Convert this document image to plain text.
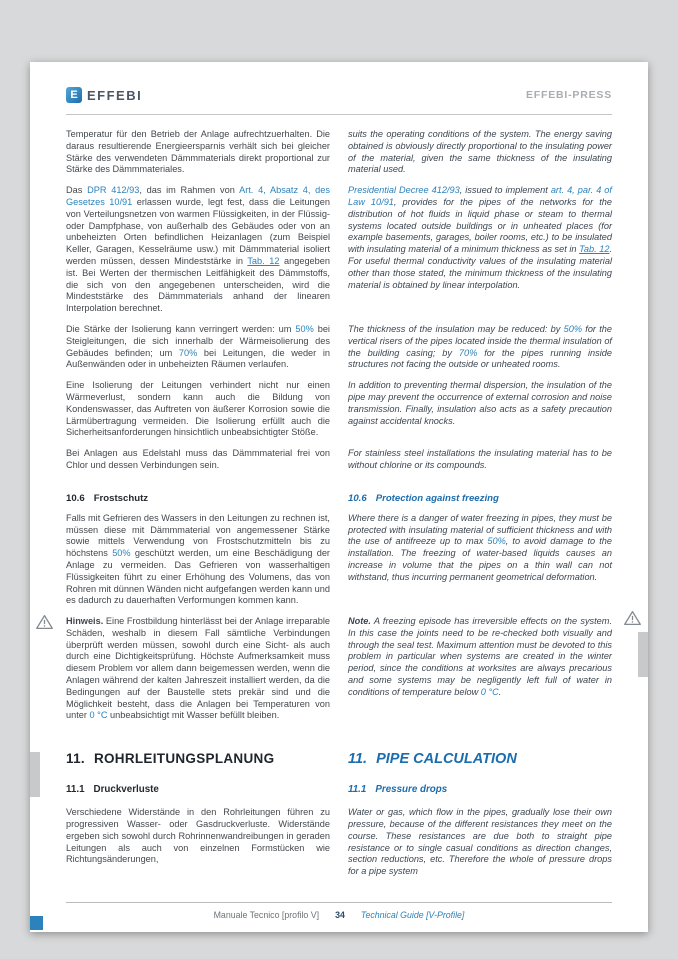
E EFFEBI	EFFEBI-PRESS

Temperatur für den Betrieb der Anlage aufrechtzuerhalten. Die daraus resultierende Energieersparnis verhält sich bei gleicher Stärke des verwendeten Dämmmaterials direkt proportional zur Stärke des Dämmmateriales.

suits the operating conditions of the system. The energy saving obtained is obviously directly proportional to the insulating power of the material, given the same thickness of the insulating material used.

Das DPR 412/93, das im Rahmen von Art. 4, Absatz 4, des Gesetzes 10/91 erlassen wurde, legt fest, dass die Leitungen von Verteilungsnetzen von warmen Flüssigkeiten, in der Flüssig- oder Dampfphase, von außerhalb des Gebäudes oder von an unbeheizten Orten befindlichen Heizanlagen (zum Beispiel Keller, Garagen, Kesselräume usw.) mit Dämmmaterial isoliert werden müssen, dessen Mindeststärke in Tab. 12 angegeben ist. Bei Werten der thermischen Leitfähigkeit des Dämmstoffs, die sich von den angegebenen unterscheiden, wird die Mindeststärke des Dämmmaterials anhand der linearen Interpolation berechnet.

Presidential Decree 412/93, issued to implement art. 4, par. 4 of Law 10/91, provides for the pipes of the networks for the distribution of hot fluids in liquid phase or steam to thermal systems located outside buildings or in unheated places (for example basements, garages, boiler rooms, etc.) to be insulated with insulating material of a minimum thickness as set in Tab. 12. For useful thermal conductivity values of the insulating material other than those stated, the minimum thickness of the insulating material is obtained by linear interpolation.

Die Stärke der Isolierung kann verringert werden: um 50% bei Steigleitungen, die sich innerhalb der Wärmeisolierung des Gebäudes befinden; um 70% bei Leitungen, die weder in Außenwänden oder in unbeheizten Räumen verlaufen.

The thickness of the insulation may be reduced: by 50% for the vertical risers of the pipes located inside the thermal insulation of the building casing; by 70% for the pipes running inside structures not facing the outside or unheated rooms.

Eine Isolierung der Leitungen verhindert nicht nur einen Wärmeverlust, sondern kann auch die Bildung von Kondenswasser, das Auftreten von äußerer Korrosion sowie die Lärmübertragung vermeiden. Die Isolierung erfüllt auch die Sicherheitsanforderungen hinsichtlich unbeabsichtigter Stöße.

In addition to preventing thermal dispersion, the insulation of the pipe may prevent the occurrence of external corrosion and noise transmission. Finally, insulation also acts as a safety precaution against accidental knocks.

Bei Anlagen aus Edelstahl muss das Dämmmaterial frei von Chlor und dessen Verbindungen sein.

For stainless steel installations the insulating material has to be without chlorine or its compounds.

10.6 Frostschutz	10.6 Protection against freezing

Falls mit Gefrieren des Wassers in den Leitungen zu rechnen ist, müssen diese mit Dämmmaterial von angemessener Stärke sowie mittels Verwendung von Frostschutzmitteln bis zu höchstens 50% geschützt werden, um eine Beschädigung der Anlage zu vermeiden. Das Gefrieren von wasserhaltigen Flüssigkeiten führt zu einer Erhöhung des Volumens, das von Rohren mit dünnen Wänden nicht aufgefangen werden kann und es dadurch zu dauerhaften Verformungen kommen kann.

Where there is a danger of water freezing in pipes, they must be protected with insulating material of sufficient thickness and with the use of antifreeze up to max 50%, to avoid damage to the installation. The freezing of water-based liquids causes an increase in volume that the pipes on a thin wall can not withstand, thus incurring permanent geometrical deformation.

Hinweis. Eine Frostbildung hinterlässt bei der Anlage irreparable Schäden, weshalb in diesem Fall sämtliche Verbindungen überprüft werden müssen, sowohl durch eine Sicht- als auch durch eine Dichtigkeitsprüfung. Höchste Aufmerksamkeit muss diesem Problem vor allem dann beigemessen werden, wenn die Anlagen während der kalten Jahreszeit installiert werden, da die Bedingungen auf der Baustelle stets prekär sind und die Möglichkeit besteht, dass die Anlagen bei Temperaturen von unter 0 °C unbeabsichtigt mit Wasser befüllt bleiben.

Note. A freezing episode has irreversible effects on the system. In this case the joints need to be re-checked both visually and through the seal test. Maximum attention must be devoted to this problem in particular when systems are created in the winter period, since the conditions at worksites are always precarious and some systems may be negligently left full of water in conditions of temperature below 0 °C.

11. ROHRLEITUNGSPLANUNG	11. PIPE CALCULATION
11.1 Druckverluste	11.1 Pressure drops

Verschiedene Widerstände in den Rohrleitungen führen zu progressiven Wasser- oder Gasdruckverluste. Widerstände ergeben sich sowohl durch Rohrinnenwandreibungen in geraden Leitungen als auch von einzelnen Formstücken wie Richtungsänderungen,

Water or gas, which flow in the pipes, gradually lose their own pressure, because of the different resistances they meet on the course. These resistances are due both to straight pipe resistance or to single casual conditions as direction changes, section reductions, etc. Therefore the whole of pressure drops for a pipe system

Manuale Tecnico [profilo V] 34 Technical Guide [V-Profile]
